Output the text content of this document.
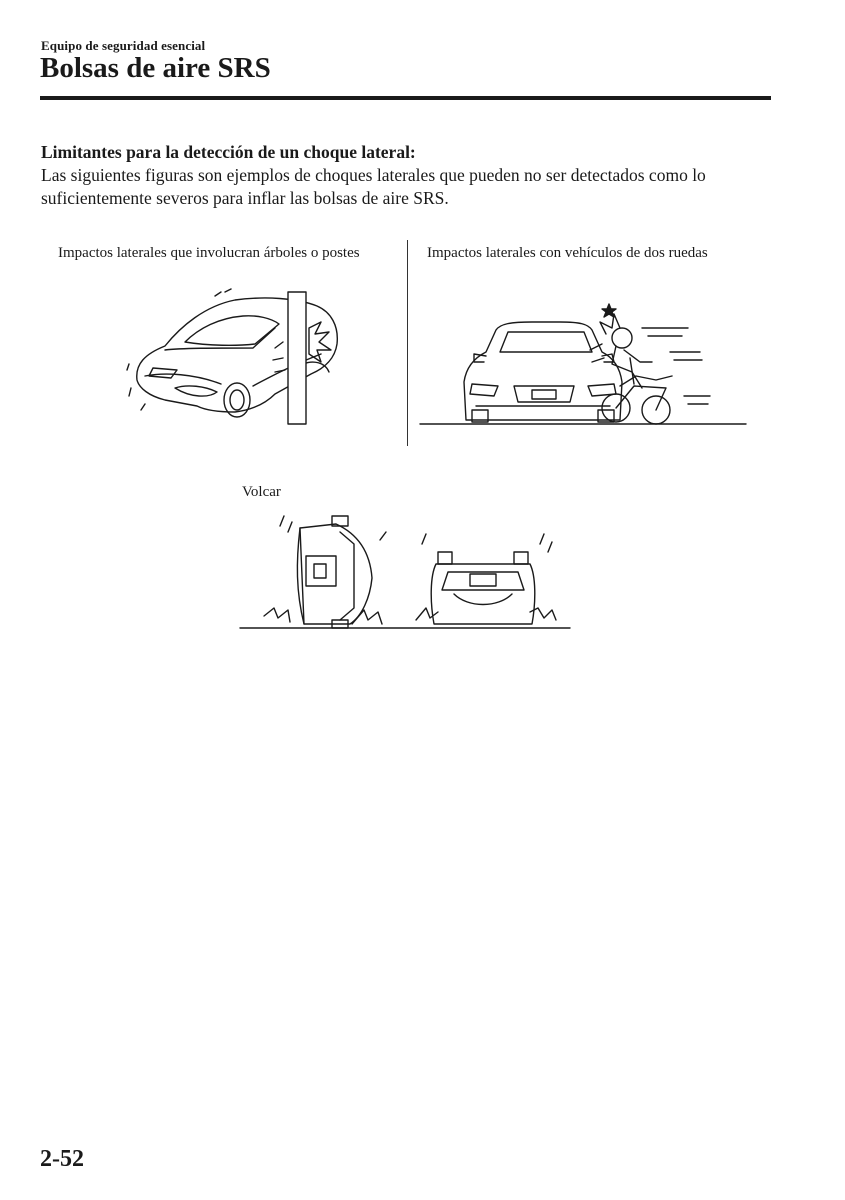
Equipo de seguridad esencial
Bolsas de aire SRS
Limitantes para la detección de un choque lateral:

Las siguientes figuras son ejemplos de choques laterales que pueden no ser detectados como lo suficientemente severos para inflar las bolsas de aire SRS.

Impactos laterales que involucran árboles o postes	Impactos laterales con vehículos de dos ruedas
Volcar
2-52
